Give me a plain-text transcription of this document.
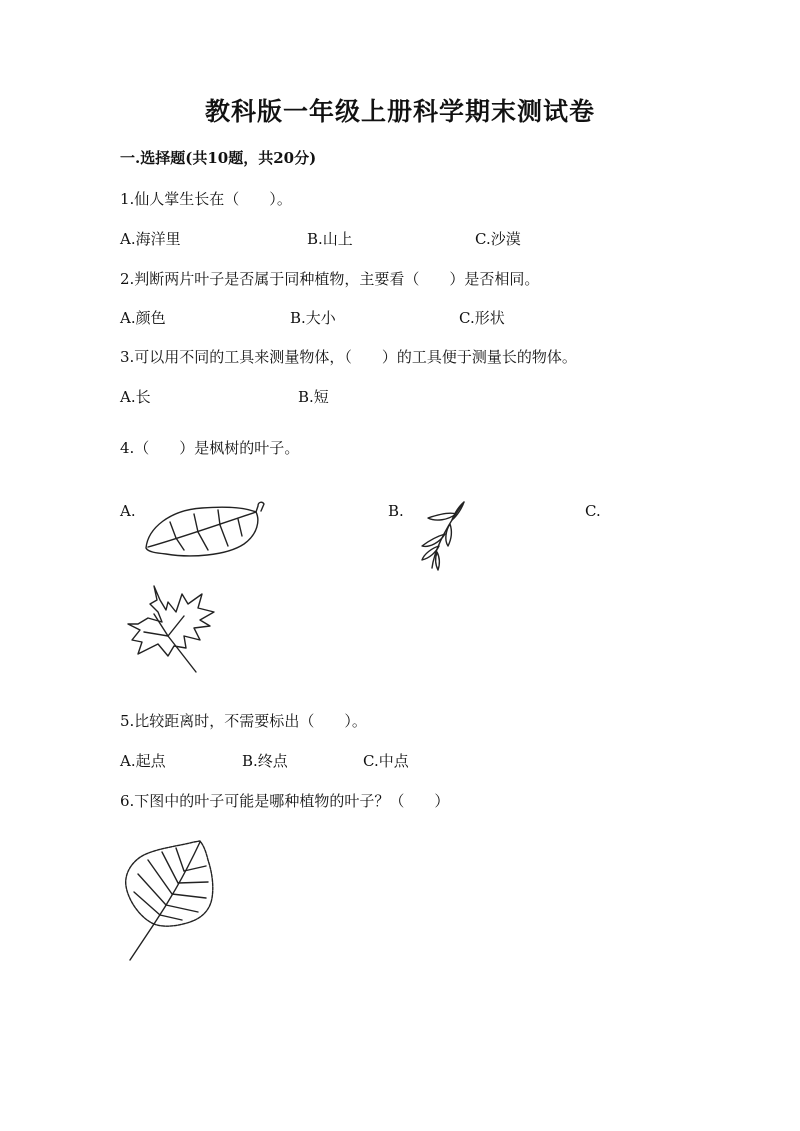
教科版一年级上册科学期末测试卷
一.选择题(共10题，共20分)
1.仙人掌生长在（　　）。
A.海洋里	B.山上	C.沙漠
2.判断两片叶子是否属于同种植物，主要看（　　）是否相同。
A.颜色	B.大小	C.形状
3.可以用不同的工具来测量物体，（　　）的工具便于测量长的物体。
A.长	B.短
4.（　　）是枫树的叶子。
A.	B.	C.
5.比较距离时，不需要标出（　　）。
A.起点	B.终点	C.中点
6.下图中的叶子可能是哪种植物的叶子？（　　）
